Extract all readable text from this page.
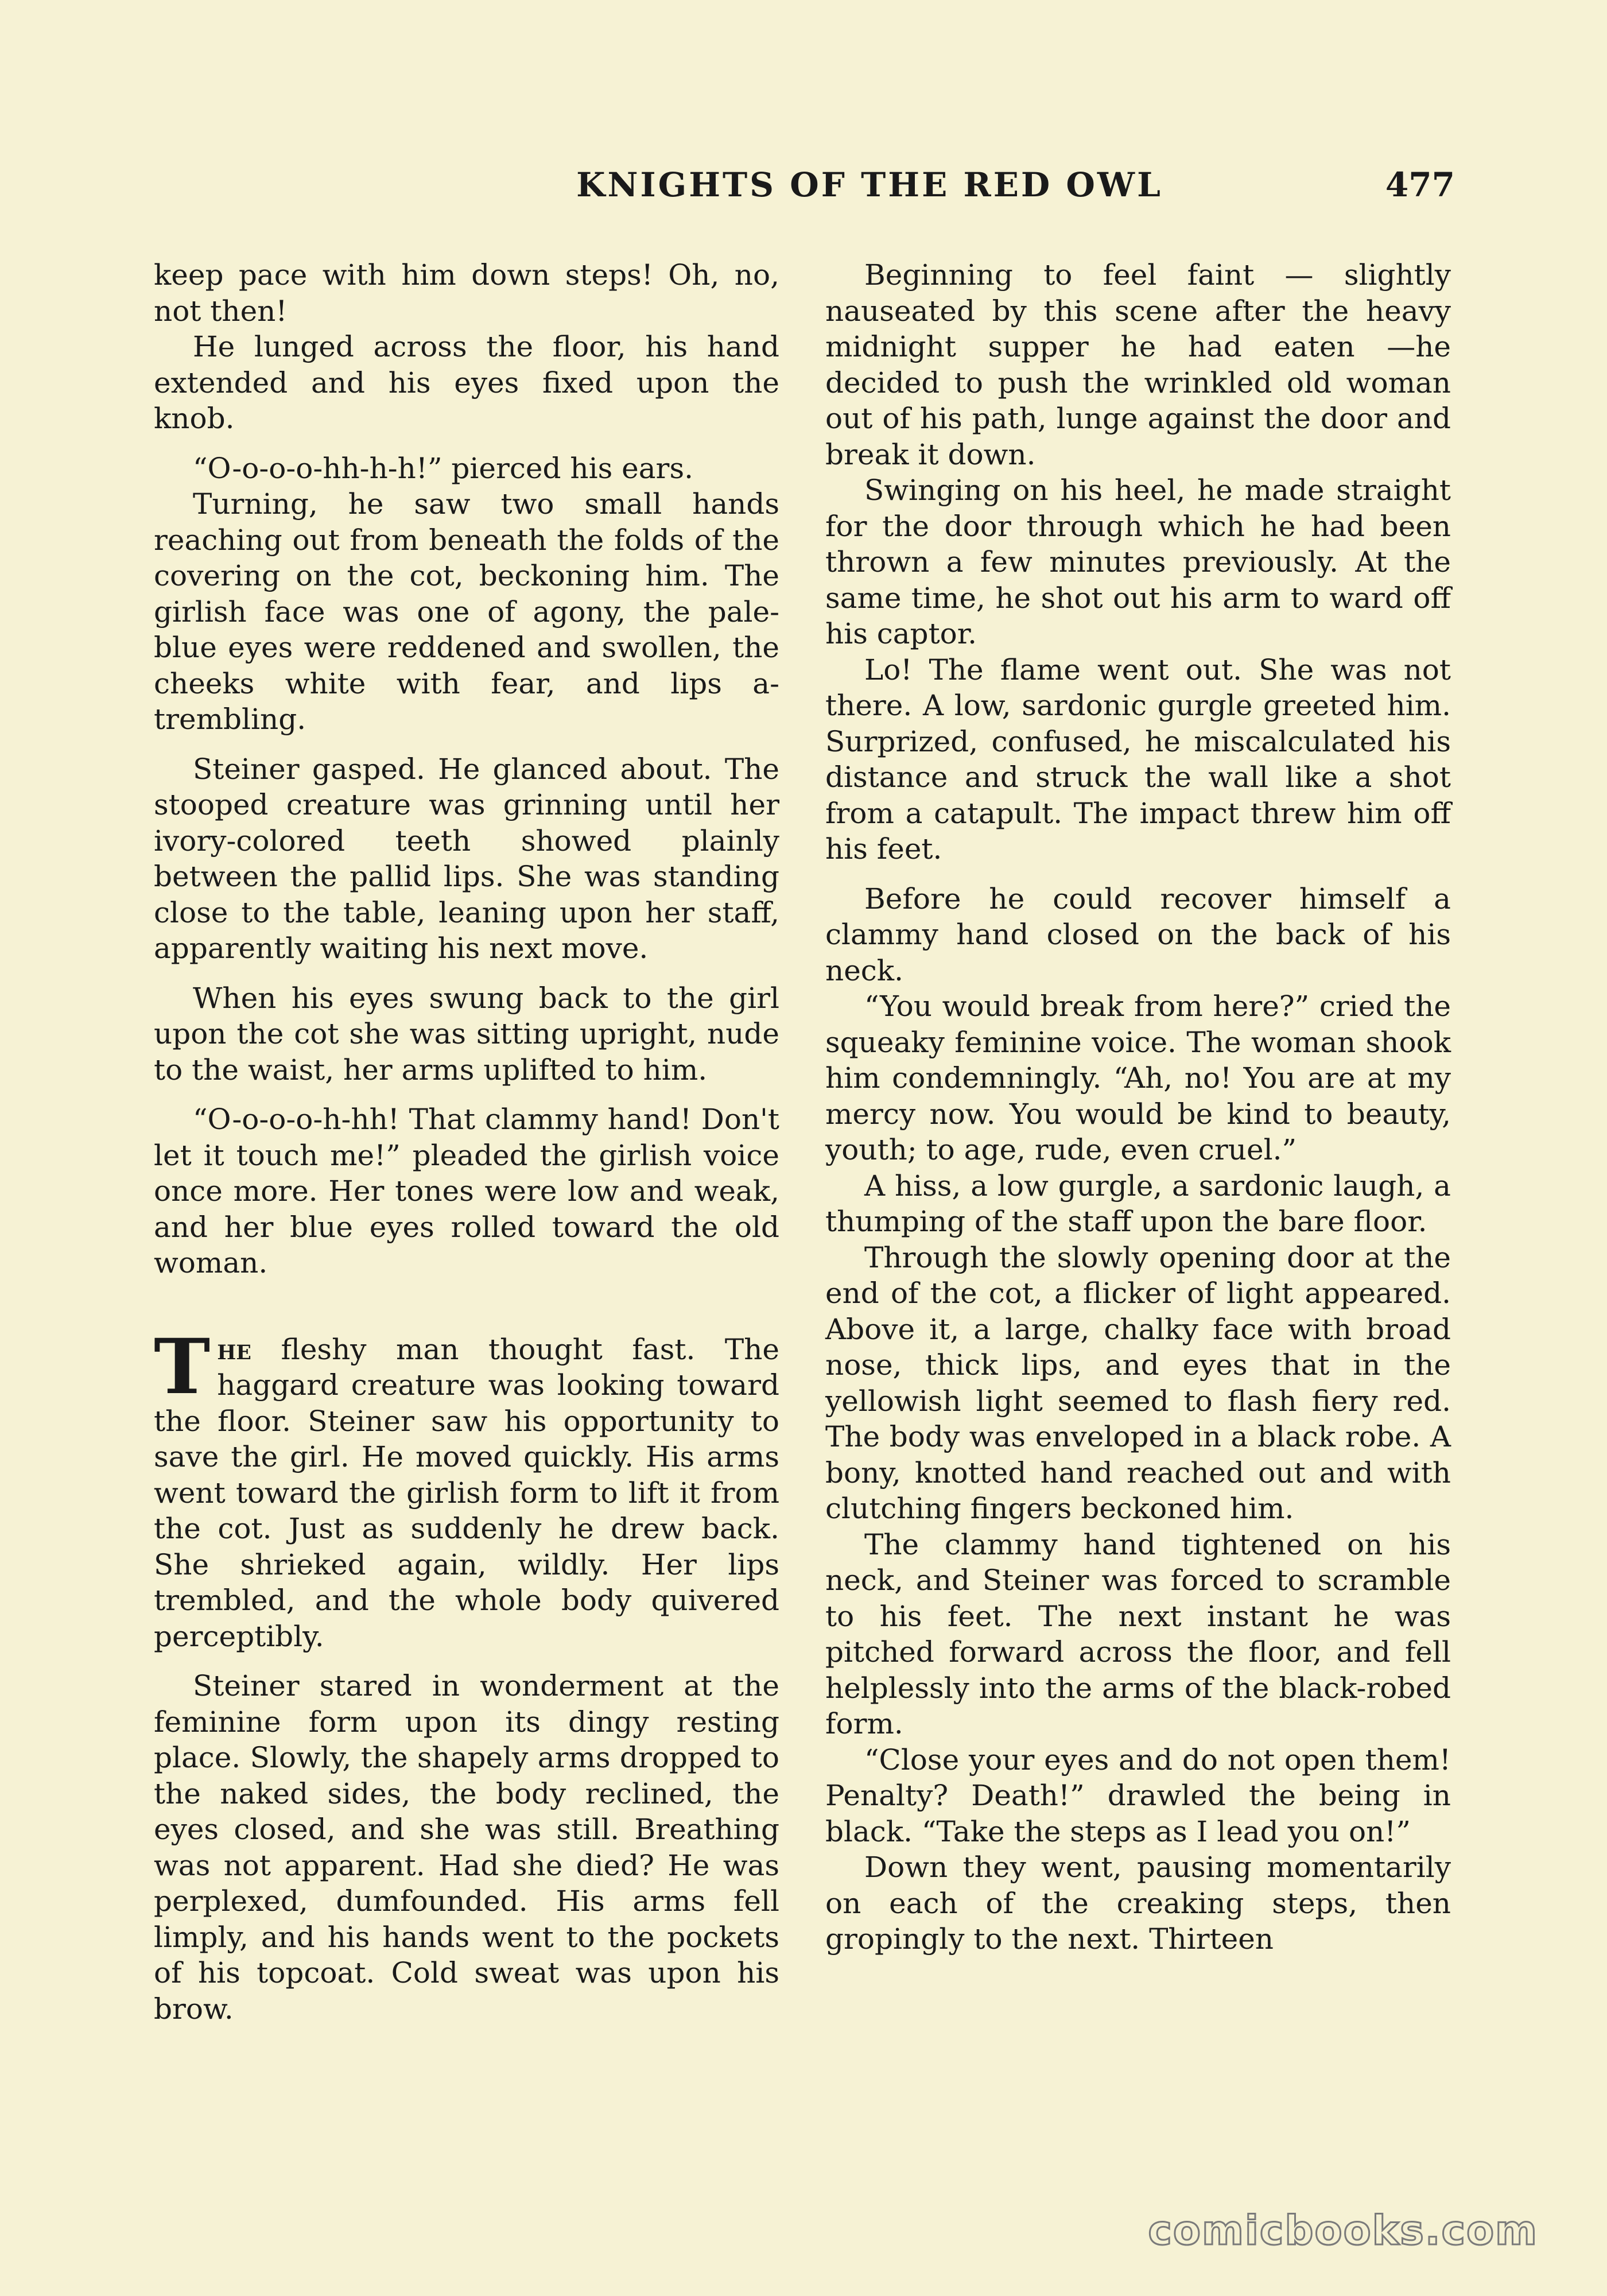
KNIGHTS OF THE RED OWL	477

keep pace with him down steps! Oh, no, not then!

He lunged across the floor, his hand extended and his eyes fixed upon the knob.

“O-o-o-o-hh-h-h!” pierced his ears.

Turning, he saw two small hands reaching out from beneath the folds of the covering on the cot, beckoning him. The girlish face was one of agony, the pale-blue eyes were reddened and swollen, the cheeks white with fear, and lips a-trembling.

Steiner gasped. He glanced about. The stooped creature was grinning until her ivory-colored teeth showed plainly between the pallid lips. She was standing close to the table, leaning upon her staff, apparently waiting his next move.

When his eyes swung back to the girl upon the cot she was sitting upright, nude to the waist, her arms uplifted to him.

“O-o-o-o-h-hh! That clammy hand! Don't let it touch me!” pleaded the girlish voice once more. Her tones were low and weak, and her blue eyes rolled toward the old woman.

The fleshy man thought fast. The haggard creature was looking toward the floor. Steiner saw his opportunity to save the girl. He moved quickly. His arms went toward the girlish form to lift it from the cot. Just as suddenly he drew back. She shrieked again, wildly. Her lips trembled, and the whole body quivered perceptibly.

Steiner stared in wonderment at the feminine form upon its dingy resting place. Slowly, the shapely arms dropped to the naked sides, the body reclined, the eyes closed, and she was still. Breathing was not apparent. Had she died? He was perplexed, dumfounded. His arms fell limply, and his hands went to the pockets of his topcoat. Cold sweat was upon his brow.

Beginning to feel faint — slightly nauseated by this scene after the heavy midnight supper he had eaten —he decided to push the wrinkled old woman out of his path, lunge against the door and break it down.

Swinging on his heel, he made straight for the door through which he had been thrown a few minutes previously. At the same time, he shot out his arm to ward off his captor.

Lo! The flame went out. She was not there. A low, sardonic gurgle greeted him. Surprized, confused, he miscalculated his distance and struck the wall like a shot from a catapult. The impact threw him off his feet.

Before he could recover himself a clammy hand closed on the back of his neck.

“You would break from here?” cried the squeaky feminine voice. The woman shook him condemningly. “Ah, no! You are at my mercy now. You would be kind to beauty, youth; to age, rude, even cruel.”

A hiss, a low gurgle, a sardonic laugh, a thumping of the staff upon the bare floor.

Through the slowly opening door at the end of the cot, a flicker of light appeared. Above it, a large, chalky face with broad nose, thick lips, and eyes that in the yellowish light seemed to flash fiery red. The body was enveloped in a black robe. A bony, knotted hand reached out and with clutching fingers beckoned him.

The clammy hand tightened on his neck, and Steiner was forced to scramble to his feet. The next instant he was pitched forward across the floor, and fell helplessly into the arms of the black-robed form.

“Close your eyes and do not open them! Penalty? Death!” drawled the being in black. “Take the steps as I lead you on!”

Down they went, pausing momentarily on each of the creaking steps, then gropingly to the next. Thirteen

comicbooks.com
